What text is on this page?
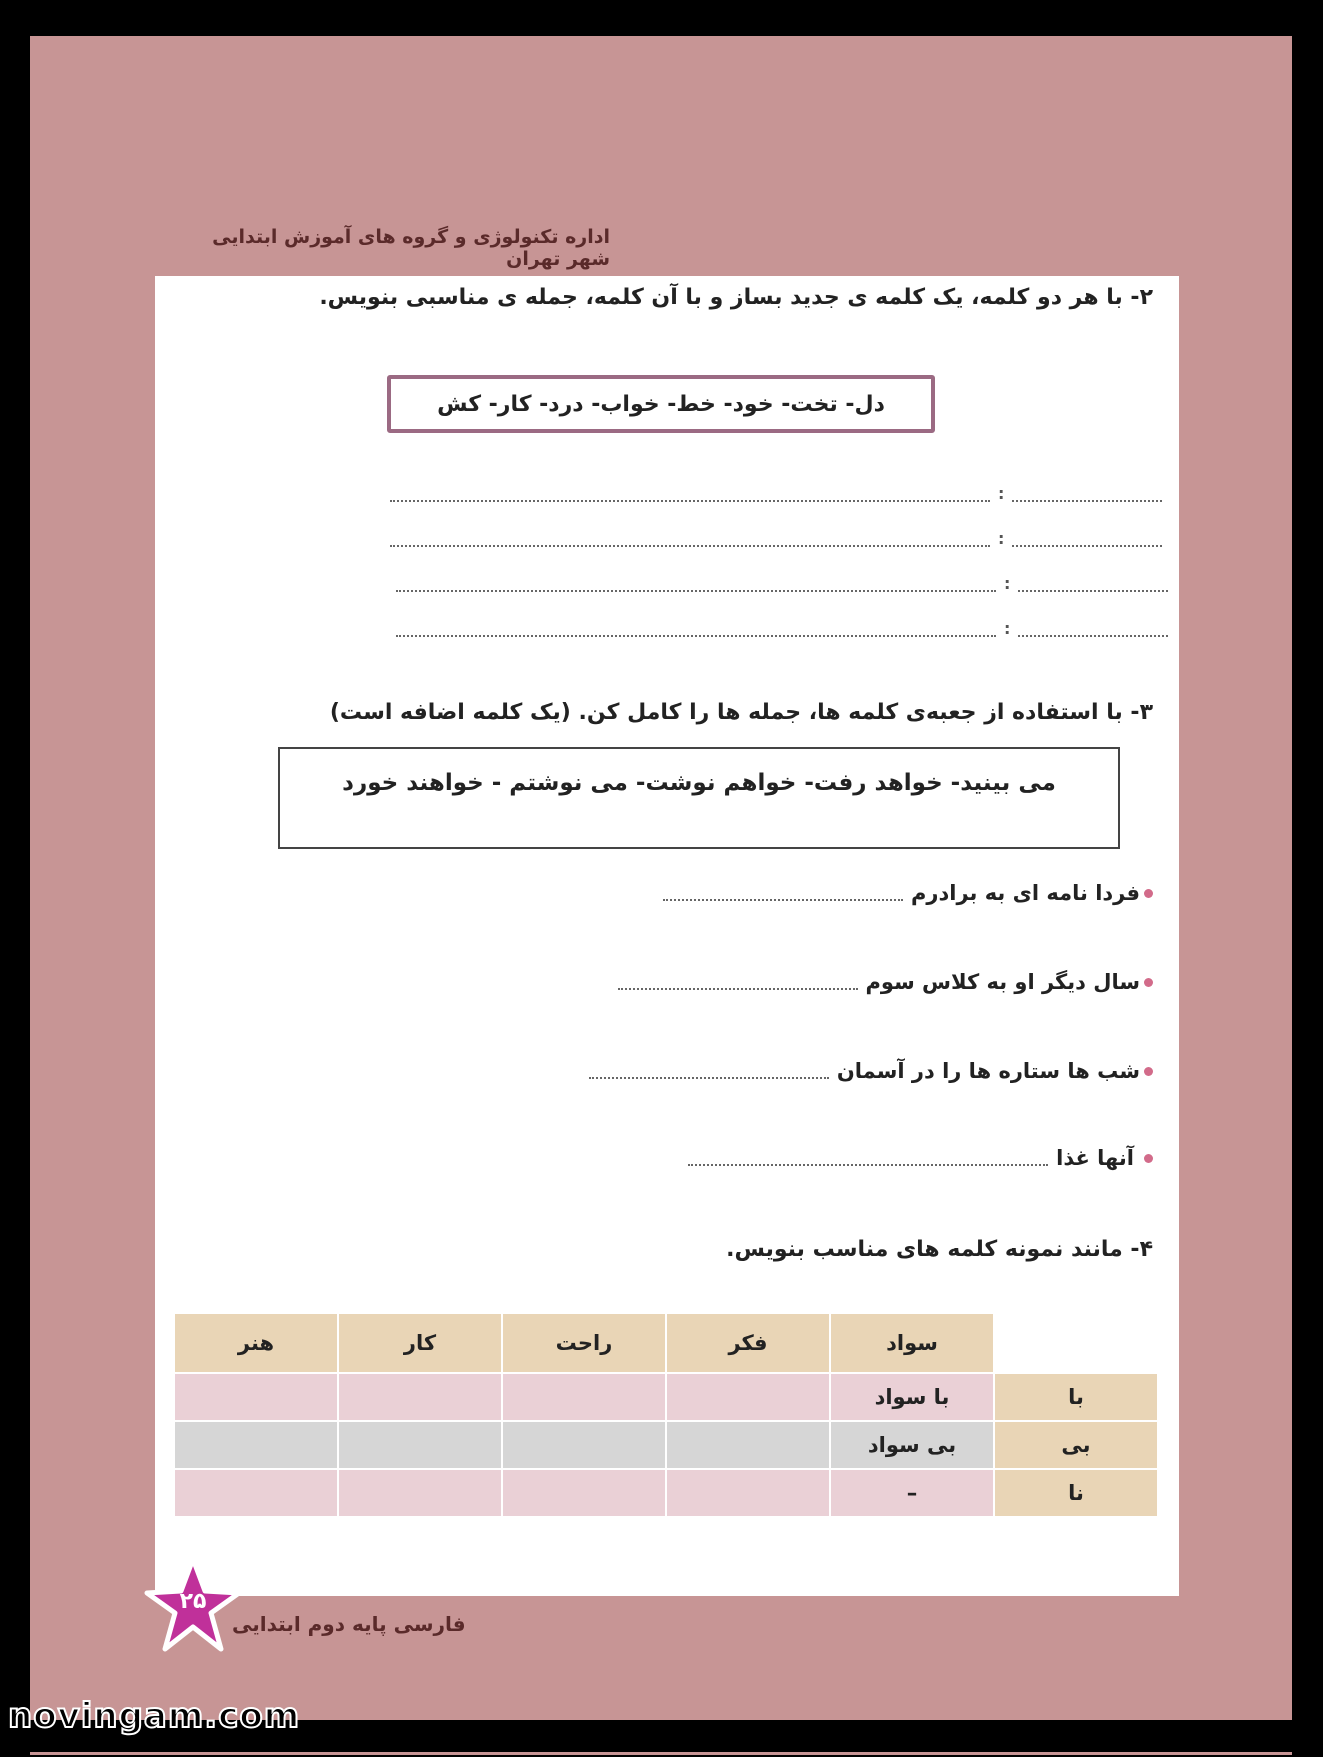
اداره تکنولوژی و گروه های آموزش ابتدایی شهر تهران
۲- با هر دو کلمه، یک کلمه ی جدید بساز و با آن کلمه، جمله ی مناسبی بنویس.
دل- تخت- خود- خط- خواب- درد- کار- کش
:
:
:
:
۳- با استفاده از جعبه‌ی کلمه ها، جمله ها را کامل کن. (یک کلمه اضافه است)
می بینید- خواهد رفت- خواهم نوشت- می نوشتم - خواهند خورد
فردا نامه ای به برادرم
سال دیگر او به کلاس سوم
شب ها ستاره ها را در آسمان
آنها غذا
۴- مانند نمونه کلمه های مناسب بنویس.
هنر	کار	راحت	فکر	سواد	
				با سواد	با
				بی سواد	بی
				–	نا
۲۵
فارسی پایه دوم ابتدایی
novingam.com
